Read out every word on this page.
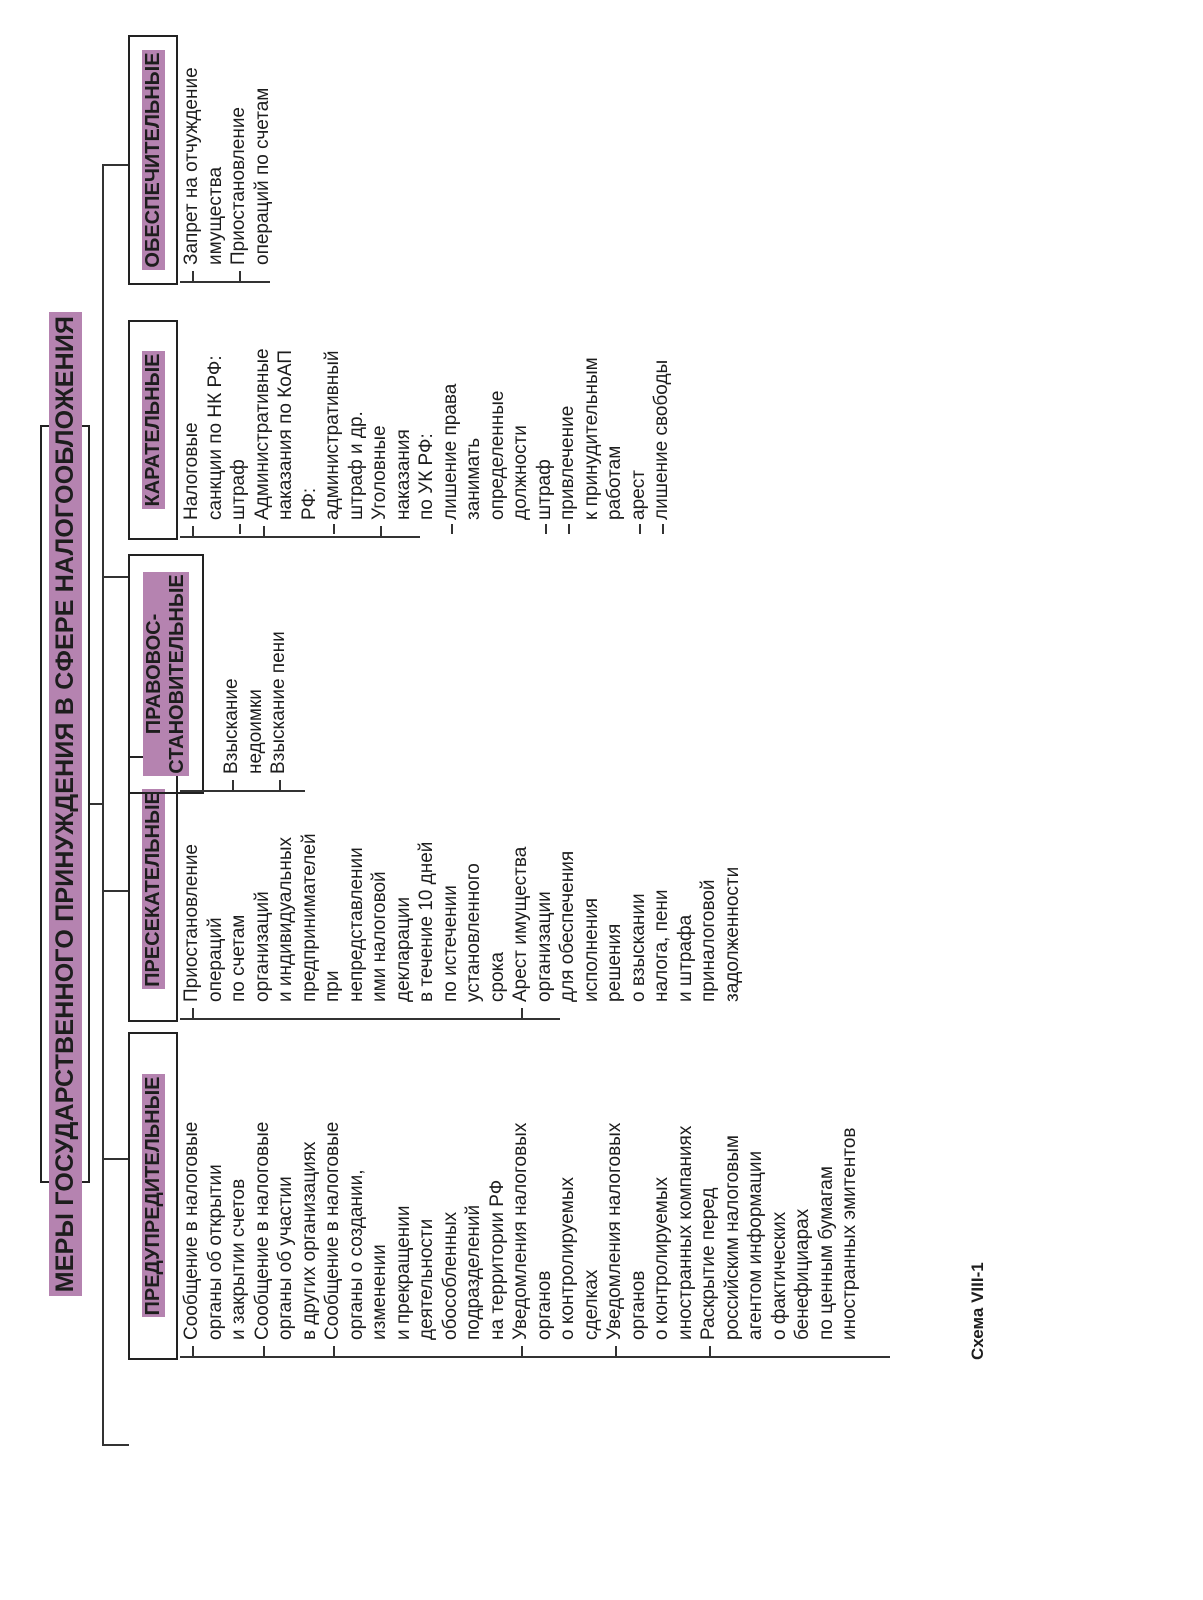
МЕРЫ ГОСУДАРСТВЕННОГО ПРИНУЖДЕНИЯ В СФЕРЕ НАЛОГООБЛОЖЕНИЯ	ПРЕДУПРЕДИТЕЛЬНЫЕ
ПРЕСЕКАТЕЛЬНЫЕ
ПРАВОВОС-
СТАНОВИТЕЛЬНЫЕ
КАРАТЕЛЬНЫЕ
ОБЕСПЕЧИТЕЛЬНЫЕ
Сообщение в налоговые
органы об открытии
и закрытии счетов
Сообщение в налоговые
органы об участии
в других организациях
Сообщение в налоговые
органы о создании,
изменении
и прекращении
деятельности
обособленных
подразделений
на территории РФ
Уведомления налоговых
органов
о контролируемых
сделках Уведомления налоговых
органов
о контролируемых
иностранных компаниях
Раскрытие перед
российским налоговым
агентом информации
о фактических
бенефициарах
по ценным бумагам
иностранных эмитентов
Приостановление
операций
по счетам
организаций
и индивидуальных
предпринимателей
при
непредставлении
ими налоговой
декларации
в течение 10 дней
по истечении
установленного
срока Арест имущества
организации
для обеспечения
исполнения
решения
о взыскании
налога, пени
и штрафа
приналоговой
задолженности
Взыскание
недоимки Взыскание пени
Налоговые
санкции по НК РФ:
штраф Административные
наказания по КоАП
РФ: административный
штраф и др.
Уголовные
наказания
по УК РФ: лишение права
занимать
определенные
должности штраф привлечение
к принудительным
работам арест лишение свободы
Запрет на отчуждение
имущества Приостановление
операций по счетам
Схема VIII-1
